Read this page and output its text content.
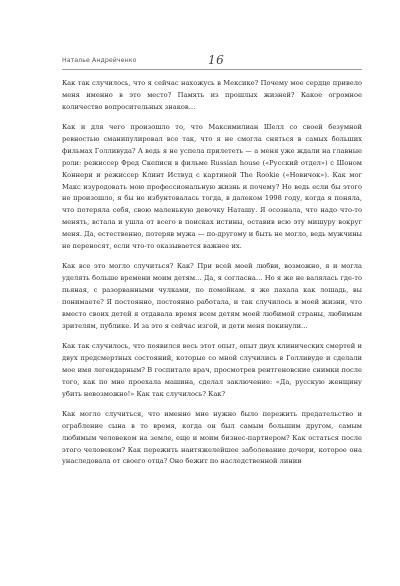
Наталье Андрейченко	16

Как так случилось, что я сейчас нахожусь в Мексике? Почему мое сердце привело меня именно в это место? Память из прошлых жизней? Какое огромное количество вопросительных знаков…

Как и для чего произошло то, что Максимилиан Шелл со своей безумной ревностью сманипулировал все так, что я не смогла сняться в самых больших фильмах Голливуда? А ведь я не успела прилететь — а меня уже ждали на главные роли: режиссер Фред Скеписи в фильме Russian house («Русский отдел») с Шоном Коннери и режиссер Клинт Иствуд с картиной The Rookie («Новичок»). Как мог Макс изуродовать мою профессиональную жизнь и почему? Но ведь если бы этого не произошло, я бы не избунтовалась тогда, в далеком 1998 году, когда я поняла, что потеряла себя, свою маленькую девочку Наташу. Я осознала, что надо что-то менять, встала и ушла от всего в поисках истины, оставив всю эту мишуру вокруг меня. Да, естественно, потеряв мужа — по-другому и быть не могло, ведь мужчины не переносят, если что-то оказывается важнее их.

Как все это могло случиться? Как? При всей моей любви, возможно, я и могла уделять больше времени моим детям… Да, я согласна… Но я же не валялась где-то пьяная, с разорванными чулками, по помойкам. я же пахала как лошадь, вы понимаете? Я постоянно, постоянно работала, и так случилось в моей жизни, что вместо своих детей я отдавала время всем детям моей любимой страны, любимым зрителям, публике. И за это я сейчас изгой, и дети меня покинули…

Как так случилось, что появился весь этот опыт, опыт двух клинических смертей и двух предсмертных состояний, которые со мной случились в Голливуде и сделали мое имя легендарным? В госпитале врач, просмотрев рентгеновские снимки после того, как по мне проехала машина, сделал заключение: «Да, русскую женщину убить невозможно!» Как так случилось? Как?

Как могло случиться, что именно мне нужно было пережить предательство и ограбление сына в то время, когда он был самым большим другом, самым любимым человеком на земле, еще и моим бизнес-партнером? Как остаться после этого человеком? Как пережить наитяжелейшее заболевание дочери, которое она унаследовала от своего отца? Оно бежит по наследственной линии
